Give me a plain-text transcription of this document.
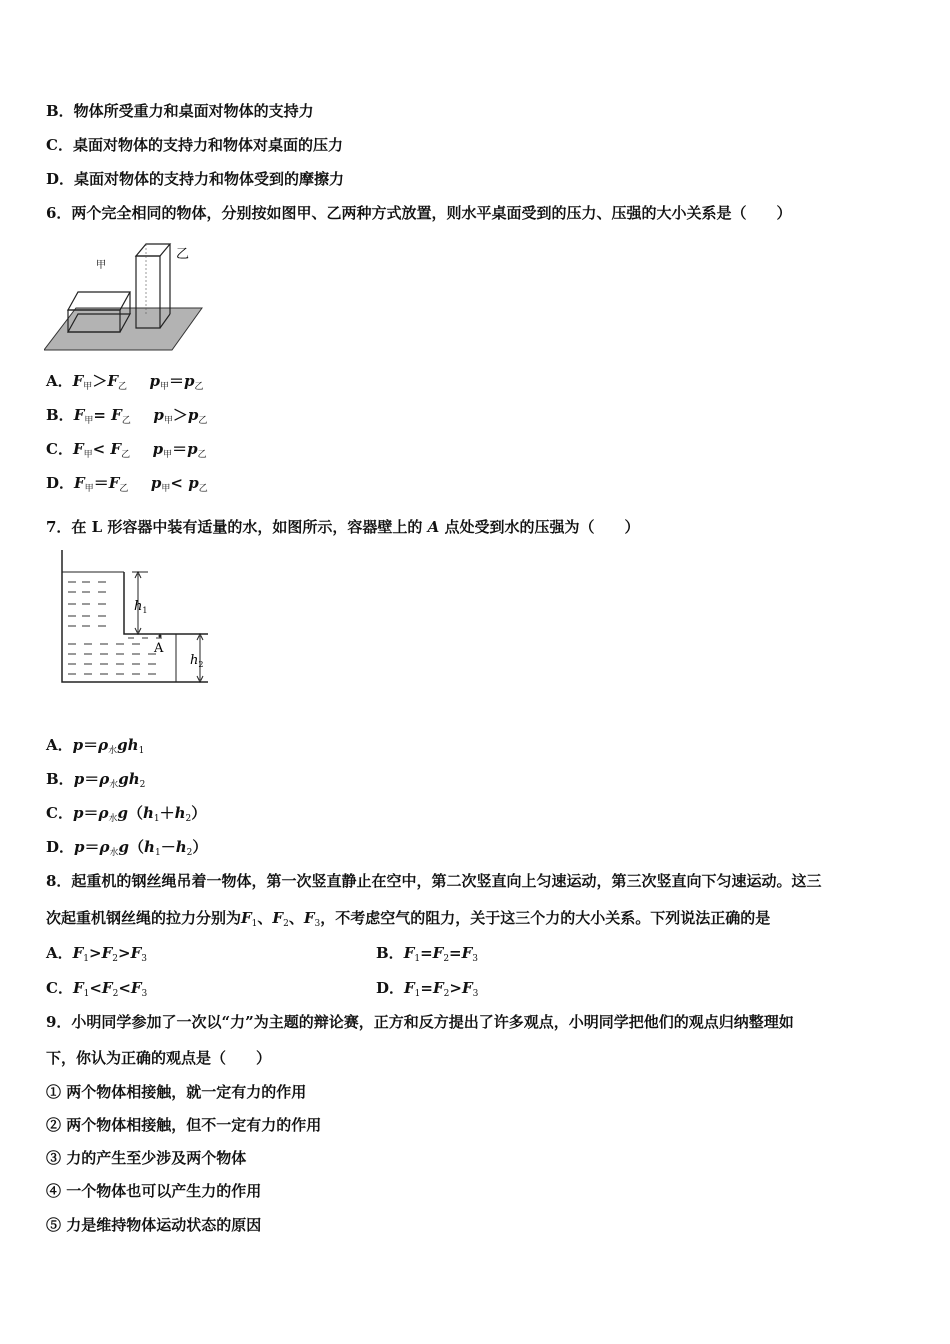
B．物体所受重力和桌面对物体的支持力
C．桌面对物体的支持力和物体对桌面的压力
D．桌面对物体的支持力和物体受到的摩擦力
6．两个完全相同的物体，分别按如图甲、乙两种方式放置，则水平桌面受到的压力、压强的大小关系是（　　）
甲
乙
A．$F_甲>F_乙$   $p_甲=p_乙$
B．$F_甲= F_乙$   $p_甲>p_乙$
C．$F_甲< F_乙$   $p_甲=p_乙$
D．$F_甲=F_乙$   $p_甲< p_乙$
7．在 L 形容器中装有适量的水，如图所示，容器壁上的 A 点处受到水的压强为（　　）
A
$h_1$
$h_2$
A．$p=\rho_水gh_1$
B．$p=\rho_水gh_2$
C．$p=\rho_水g(h_1+h_2)$
D．$p=\rho_水g(h_1-h_2)$
8．起重机的钢丝绳吊着一物体，第一次竖直静止在空中，第二次竖直向上匀速运动，第三次竖直向下匀速运动。这三
次起重机钢丝绳的拉力分别为$F_1$、$F_2$、$F_3$，不考虑空气的阻力，关于这三个力的大小关系。下列说法正确的是
A．$F_1>F_2>F_3$	B．$F_1=F_2=F_3$
C．$F_1<F_2<F_3$	D．$F_1=F_2>F_3$
9．小明同学参加了一次以“力”为主题的辩论赛，正方和反方提出了许多观点，小明同学把他们的观点归纳整理如
下，你认为正确的观点是（　　）
① 两个物体相接触，就一定有力的作用
② 两个物体相接触，但不一定有力的作用
③ 力的产生至少涉及两个物体
④ 一个物体也可以产生力的作用
⑤ 力是维持物体运动状态的原因
